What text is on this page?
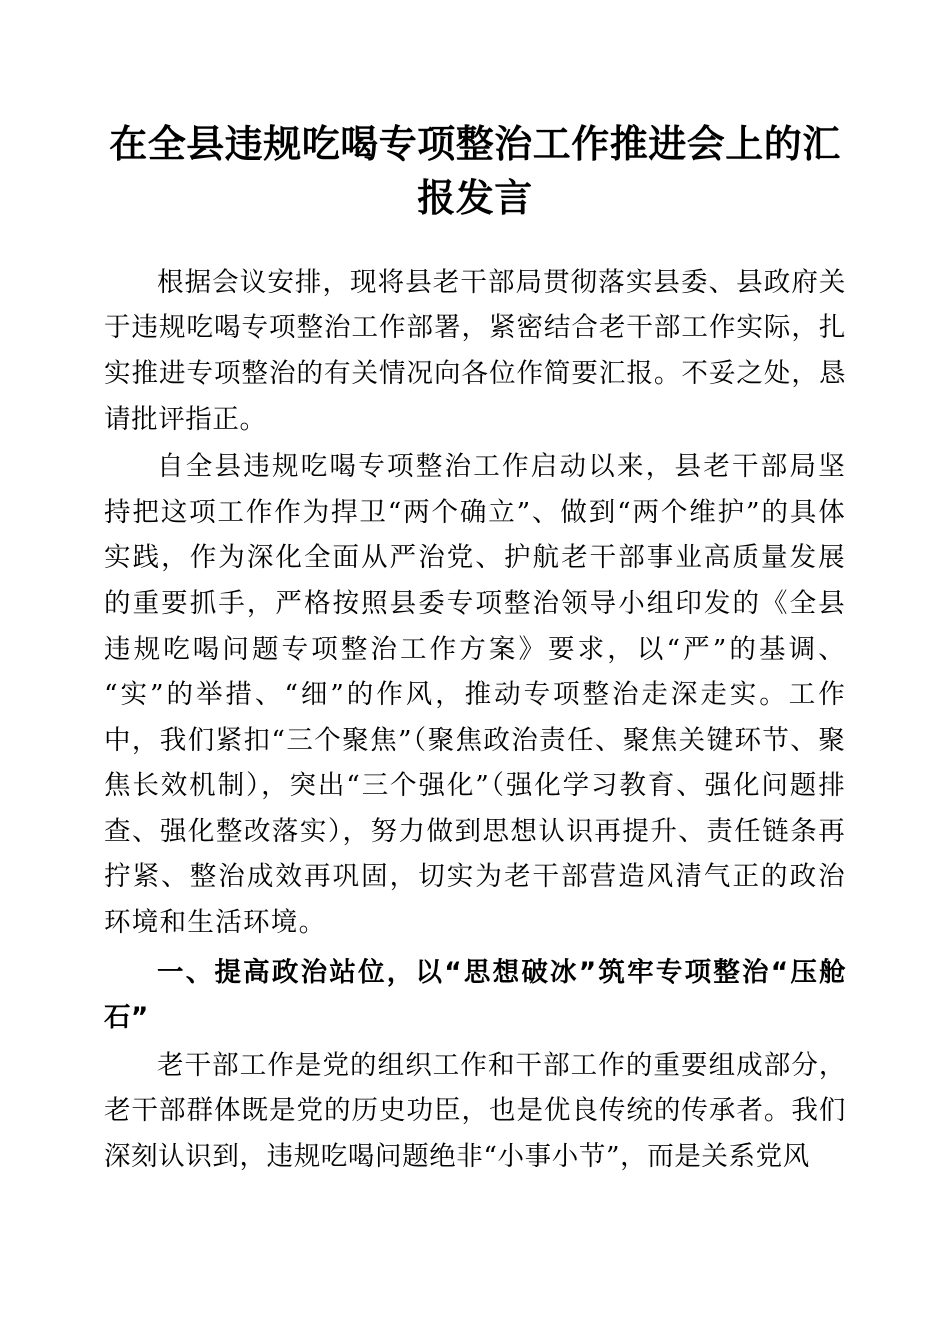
在全县违规吃喝专项整治工作推进会上的汇报发言

根据会议安排，现将县老干部局贯彻落实县委、县政府关于违规吃喝专项整治工作部署，紧密结合老干部工作实际，扎实推进专项整治的有关情况向各位作简要汇报。不妥之处，恳请批评指正。

自全县违规吃喝专项整治工作启动以来，县老干部局坚持把这项工作作为捍卫“两个确立”、做到“两个维护”的具体实践，作为深化全面从严治党、护航老干部事业高质量发展的重要抓手，严格按照县委专项整治领导小组印发的《全县违规吃喝问题专项整治工作方案》要求，以“严”的基调、“实”的举措、“细”的作风，推动专项整治走深走实。工作中，我们紧扣“三个聚焦”（聚焦政治责任、聚焦关键环节、聚焦长效机制），突出“三个强化”（强化学习教育、强化问题排查、强化整改落实），努力做到思想认识再提升、责任链条再拧紧、整治成效再巩固，切实为老干部营造风清气正的政治环境和生活环境。

一、提高政治站位，以“思想破冰”筑牢专项整治“压舱石”

老干部工作是党的组织工作和干部工作的重要组成部分，老干部群体既是党的历史功臣，也是优良传统的传承者。我们深刻认识到，违规吃喝问题绝非“小事小节”，而是关系党风
